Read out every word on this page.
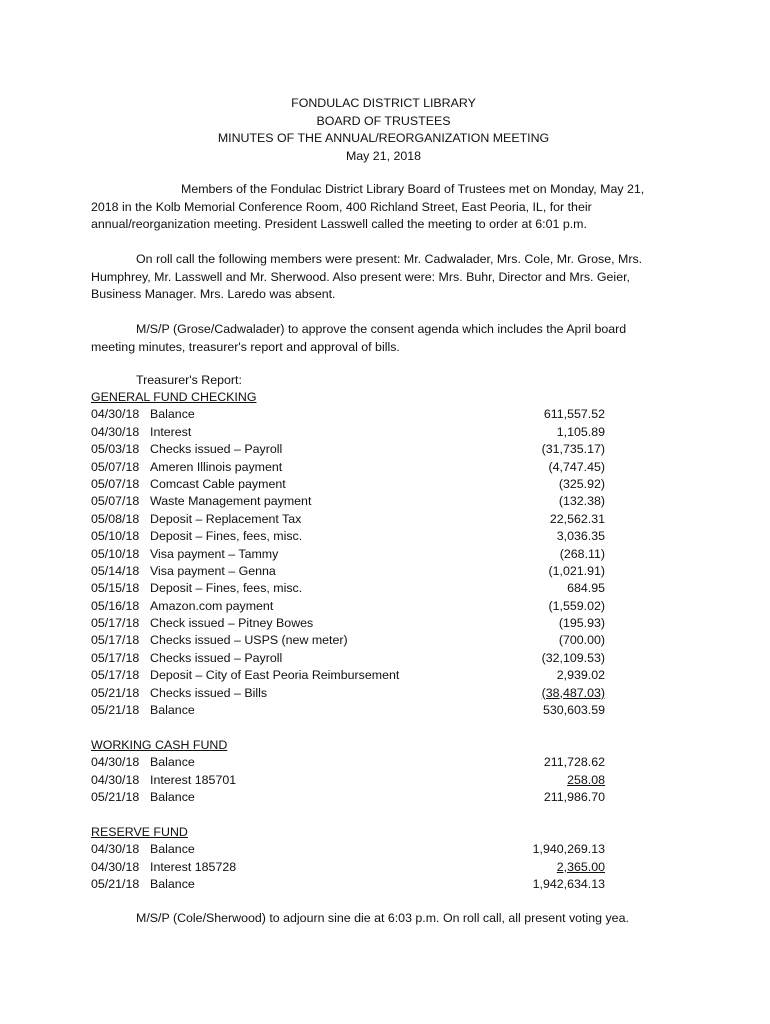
FONDULAC DISTRICT LIBRARY
BOARD OF TRUSTEES
MINUTES OF THE ANNUAL/REORGANIZATION MEETING
May 21, 2018
Members of the Fondulac District Library Board of Trustees met on Monday, May 21, 2018 in the Kolb Memorial Conference Room, 400 Richland Street, East Peoria, IL, for their annual/reorganization meeting. President Lasswell called the meeting to order at 6:01 p.m.
On roll call the following members were present: Mr. Cadwalader, Mrs. Cole, Mr. Grose, Mrs. Humphrey, Mr. Lasswell and Mr. Sherwood. Also present were: Mrs. Buhr, Director and Mrs. Geier, Business Manager. Mrs. Laredo was absent.
M/S/P (Grose/Cadwalader) to approve the consent agenda which includes the April board meeting minutes, treasurer's report and approval of bills.
Treasurer's Report:
GENERAL FUND CHECKING
04/30/18 Balance	611,557.52
04/30/18 Interest	1,105.89
05/03/18 Checks issued – Payroll	(31,735.17)
05/07/18 Ameren Illinois payment	(4,747.45)
05/07/18 Comcast Cable payment	(325.92)
05/07/18 Waste Management payment	(132.38)
05/08/18 Deposit – Replacement Tax	22,562.31
05/10/18 Deposit – Fines, fees, misc.	3,036.35
05/10/18 Visa payment – Tammy	(268.11)
05/14/18 Visa payment – Genna	(1,021.91)
05/15/18 Deposit – Fines, fees, misc.	684.95
05/16/18 Amazon.com payment	(1,559.02)
05/17/18 Check issued – Pitney Bowes	(195.93)
05/17/18 Checks issued – USPS (new meter)	(700.00)
05/17/18 Checks issued – Payroll	(32,109.53)
05/17/18 Deposit – City of East Peoria Reimbursement	2,939.02
05/21/18 Checks issued – Bills	(38,487.03)
05/21/18 Balance	530,603.59
WORKING CASH FUND
04/30/18 Balance	211,728.62
04/30/18 Interest 185701	258.08
05/21/18 Balance	211,986.70
RESERVE FUND
04/30/18 Balance	1,940,269.13
04/30/18 Interest 185728	2,365.00
05/21/18 Balance	1,942,634.13
M/S/P (Cole/Sherwood) to adjourn sine die at 6:03 p.m. On roll call, all present voting yea.
